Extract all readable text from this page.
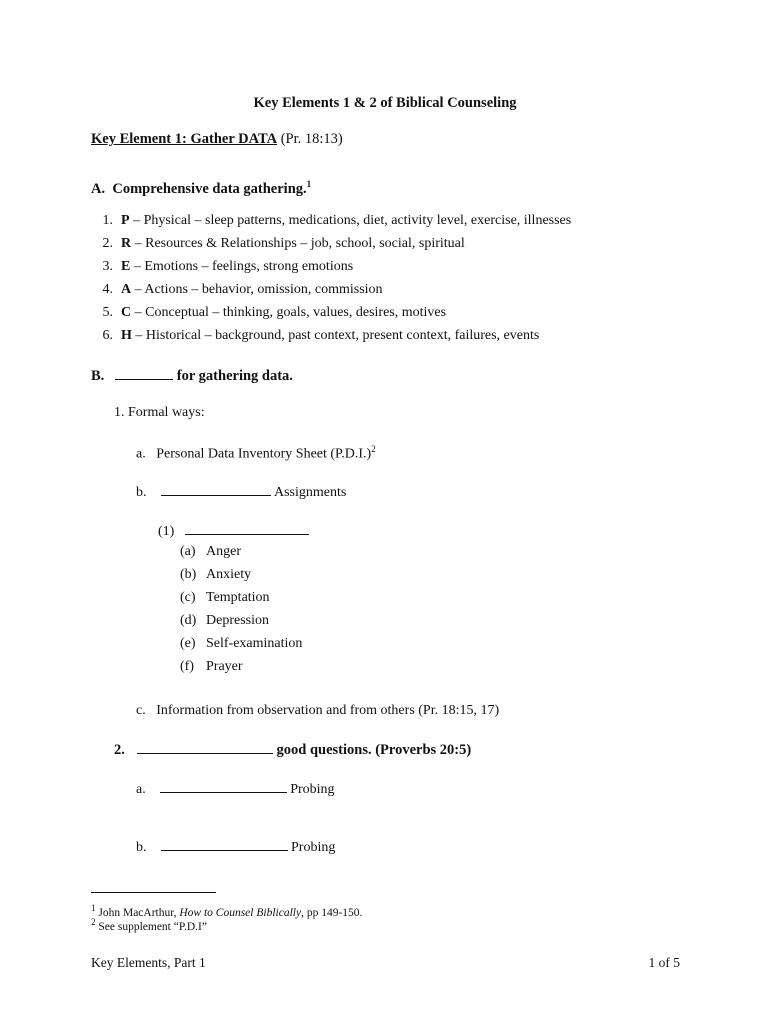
Key Elements 1 & 2 of Biblical Counseling
Key Element 1: Gather DATA (Pr. 18:13)
A. Comprehensive data gathering.$^1$
1. P – Physical – sleep patterns, medications, diet, activity level, exercise, illnesses
2. R – Resources & Relationships – job, school, social, spiritual
3. E – Emotions – feelings, strong emotions
4. A – Actions – behavior, omission, commission
5. C – Conceptual – thinking, goals, values, desires, motives
6. H – Historical – background, past context, present context, failures, events
B.	for gathering data.
1. Formal ways:
a. Personal Data Inventory Sheet $(P.D.I.)^2$
b.	Assignments
(1)
(a) Anger
(b) Anxiety
(c) Temptation
(d) Depression
(e) Self-examination
(f) Prayer
c. Information from observation and from others (Pr. 18:15, 17)
2.	good questions. (Proverbs 20:5)
a.	Probing
b.	Probing
$^1$ John MacArthur, How to Counsel Biblically, pp 149-150.
$^2$ See supplement “P.D.I”
Key Elements, Part 1	1 of 5
